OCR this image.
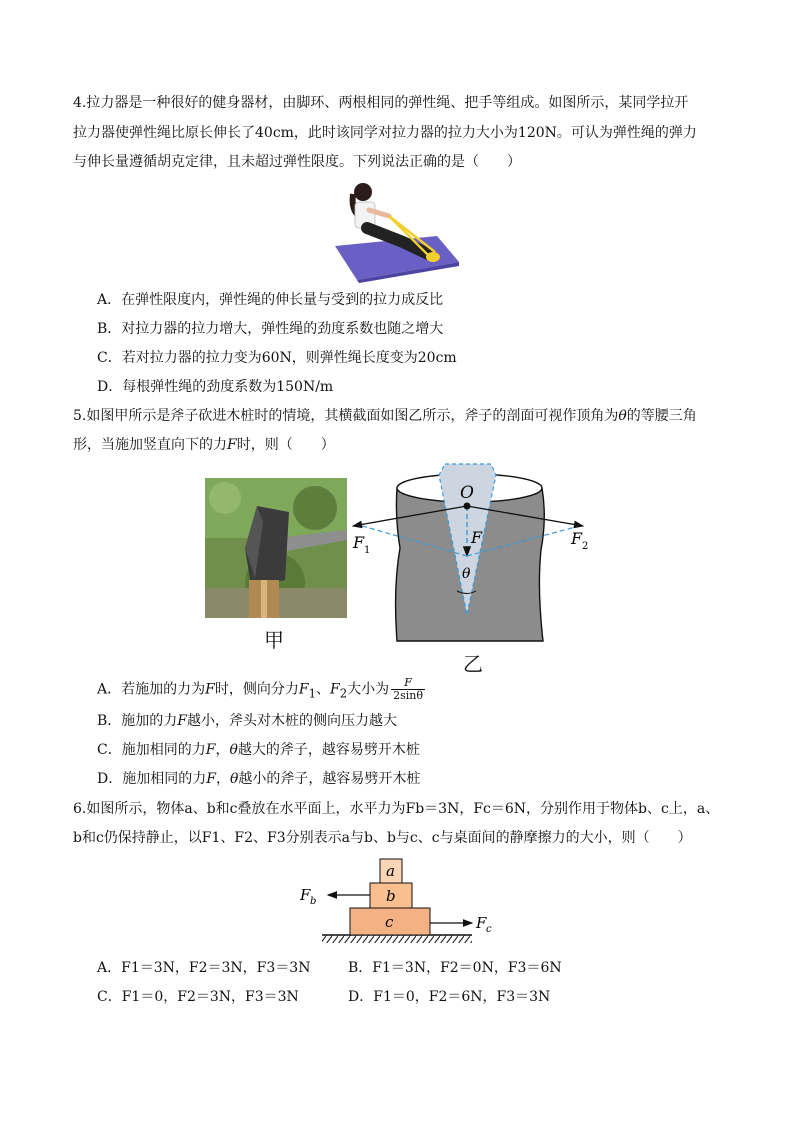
4.拉力器是一种很好的健身器材，由脚环、两根相同的弹性绳、把手等组成。如图所示，某同学拉开
拉力器使弹性绳比原长伸长了40cm，此时该同学对拉力器的拉力大小为120N。可认为弹性绳的弹力
与伸长量遵循胡克定律，且未超过弹性限度。下列说法正确的是（　　）
A．在弹性限度内，弹性绳的伸长量与受到的拉力成反比
B．对拉力器的拉力增大，弹性绳的劲度系数也随之增大
C．若对拉力器的拉力变为60N，则弹性绳长度变为20cm
D．每根弹性绳的劲度系数为150N/m
5.如图甲所示是斧子砍进木桩时的情境，其横截面如图乙所示，斧子的剖面可视作顶角为θ的等腰三角
形，当施加竖直向下的力F时，则（　　）
甲
O
F
F 1
F 2
θ
乙
A．若施加的力为F时，侧向分力$F_1$、$F_2$大小为 $\frac{F}{2\sin\theta}$
B．施加的力F越小，斧头对木桩的侧向压力越大
C．施加相同的力F，θ越大的斧子，越容易劈开木桩
D．施加相同的力F，θ越小的斧子，越容易劈开木桩
6.如图所示，物体a、b和c叠放在水平面上，水平力为Fb＝3N，Fc＝6N，分别作用于物体b、c上，a、
b和c仍保持静止，以F1、F2、F3分别表示a与b、b与c、c与桌面间的静摩擦力的大小，则（　　）
a
b
c
F b
F c
A．F1＝3N，F2＝3N，F3＝3N	B．F1＝3N，F2＝0N，F3＝6N
C．F1＝0，F2＝3N，F3＝3N	D．F1＝0，F2＝6N，F3＝3N
